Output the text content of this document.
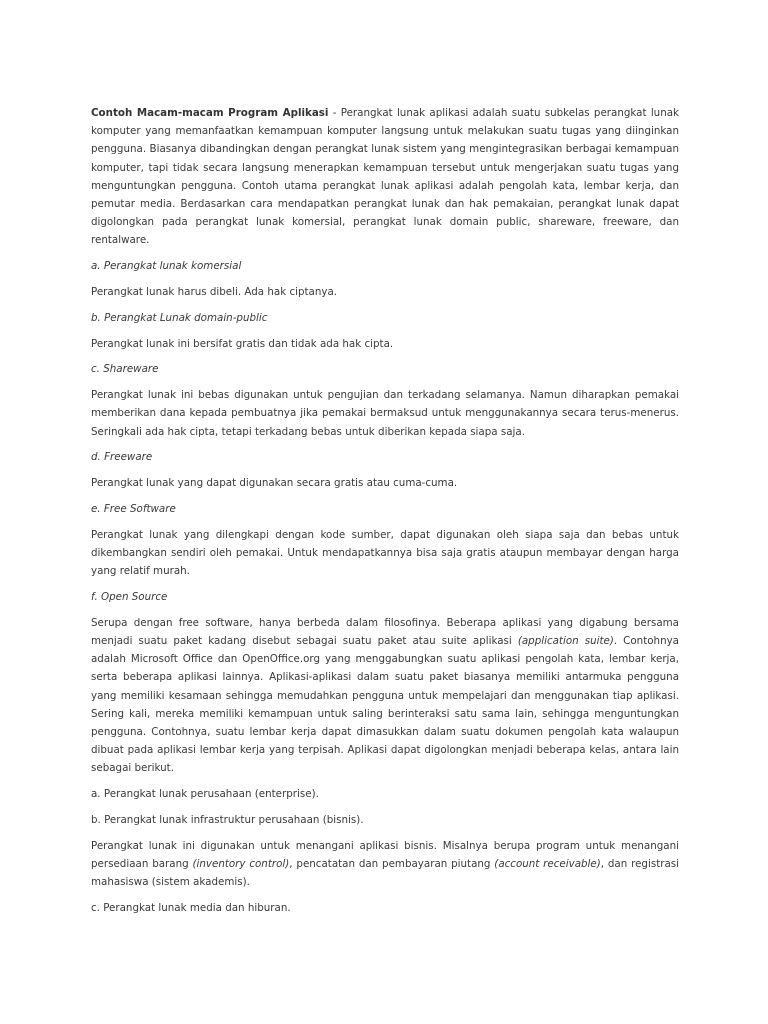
Contoh Macam-macam Program Aplikasi - Perangkat lunak aplikasi adalah suatu subkelas perangkat lunak komputer yang memanfaatkan kemampuan komputer langsung untuk melakukan suatu tugas yang diinginkan pengguna. Biasanya dibandingkan dengan perangkat lunak sistem yang mengintegrasikan berbagai kemampuan komputer, tapi tidak secara langsung menerapkan kemampuan tersebut untuk mengerjakan suatu tugas yang menguntungkan pengguna. Contoh utama perangkat lunak aplikasi adalah pengolah kata, lembar kerja, dan pemutar media. Berdasarkan cara mendapatkan perangkat lunak dan hak pemakaian, perangkat lunak dapat digolongkan pada perangkat lunak komersial, perangkat lunak domain public, shareware, freeware, dan rentalware.

a. Perangkat lunak komersial

Perangkat lunak harus dibeli. Ada hak ciptanya.

b. Perangkat Lunak domain-public

Perangkat lunak ini bersifat gratis dan tidak ada hak cipta.

c. Shareware

Perangkat lunak ini bebas digunakan untuk pengujian dan terkadang selamanya. Namun diharapkan pemakai memberikan dana kepada pembuatnya jika pemakai bermaksud untuk menggunakannya secara terus-menerus. Seringkali ada hak cipta, tetapi terkadang bebas untuk diberikan kepada siapa saja.

d. Freeware

Perangkat lunak yang dapat digunakan secara gratis atau cuma-cuma.

e. Free Software

Perangkat lunak yang dilengkapi dengan kode sumber, dapat digunakan oleh siapa saja dan bebas untuk dikembangkan sendiri oleh pemakai. Untuk mendapatkannya bisa saja gratis ataupun membayar dengan harga yang relatif murah.

f. Open Source

Serupa dengan free software, hanya berbeda dalam filosofinya. Beberapa aplikasi yang digabung bersama menjadi suatu paket kadang disebut sebagai suatu paket atau suite aplikasi (application suite). Contohnya adalah Microsoft Office dan OpenOffice.org yang menggabungkan suatu aplikasi pengolah kata, lembar kerja, serta beberapa aplikasi lainnya. Aplikasi-aplikasi dalam suatu paket biasanya memiliki antarmuka pengguna yang memiliki kesamaan sehingga memudahkan pengguna untuk mempelajari dan menggunakan tiap aplikasi. Sering kali, mereka memiliki kemampuan untuk saling berinteraksi satu sama lain, sehingga menguntungkan pengguna. Contohnya, suatu lembar kerja dapat dimasukkan dalam suatu dokumen pengolah kata walaupun dibuat pada aplikasi lembar kerja yang terpisah. Aplikasi dapat digolongkan menjadi beberapa kelas, antara lain sebagai berikut.

a. Perangkat lunak perusahaan (enterprise).

b. Perangkat lunak infrastruktur perusahaan (bisnis).

Perangkat lunak ini digunakan untuk menangani aplikasi bisnis. Misalnya berupa program untuk menangani persediaan barang (inventory control), pencatatan dan pembayaran piutang (account receivable), dan registrasi mahasiswa (sistem akademis).

c. Perangkat lunak media dan hiburan.
